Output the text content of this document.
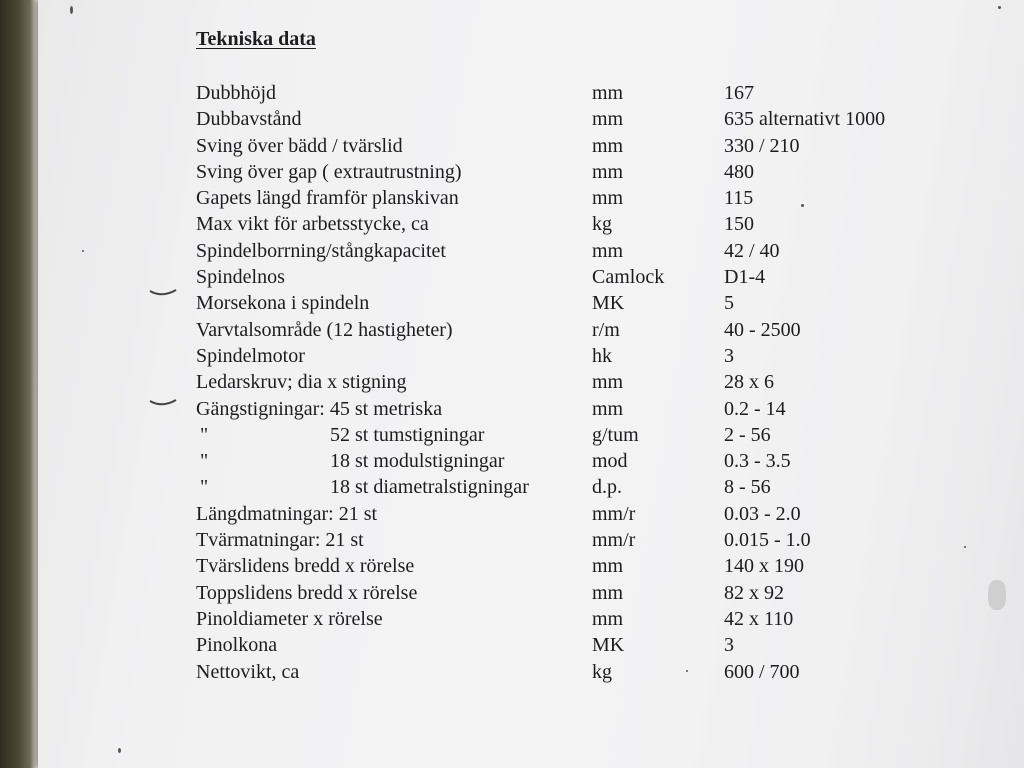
Tekniska data
Dubbhöjd	mm	167
Dubbavstånd	mm	635 alternativt 1000
Sving över bädd / tvärslid	mm	330 / 210
Sving över gap ( extrautrustning)	mm	480
Gapets längd framför planskivan	mm	115
Max vikt för arbetsstycke, ca	kg	150
Spindelborrning/stångkapacitet	mm	42 / 40
Spindelnos	Camlock	D1-4
Morsekona i spindeln	MK	5
Varvtalsområde (12 hastigheter)	r/m	40 - 2500
Spindelmotor	hk	3
Ledarskruv; dia x stigning	mm	28 x 6
Gängstigningar: 45 st metriska	mm	0.2 - 14
"	52 st tumstigningar	g/tum	2 - 56
"	18 st modulstigningar	mod	0.3 - 3.5
"	18 st diametralstigningar	d.p.	8 - 56
Längdmatningar: 21 st	mm/r	0.03 - 2.0
Tvärmatningar: 21 st	mm/r	0.015 - 1.0
Tvärslidens bredd x rörelse	mm	140 x 190
Toppslidens bredd x rörelse	mm	82 x 92
Pinoldiameter x rörelse	mm	42 x 110
Pinolkona	MK	3
Nettovikt, ca	kg	600 / 700
